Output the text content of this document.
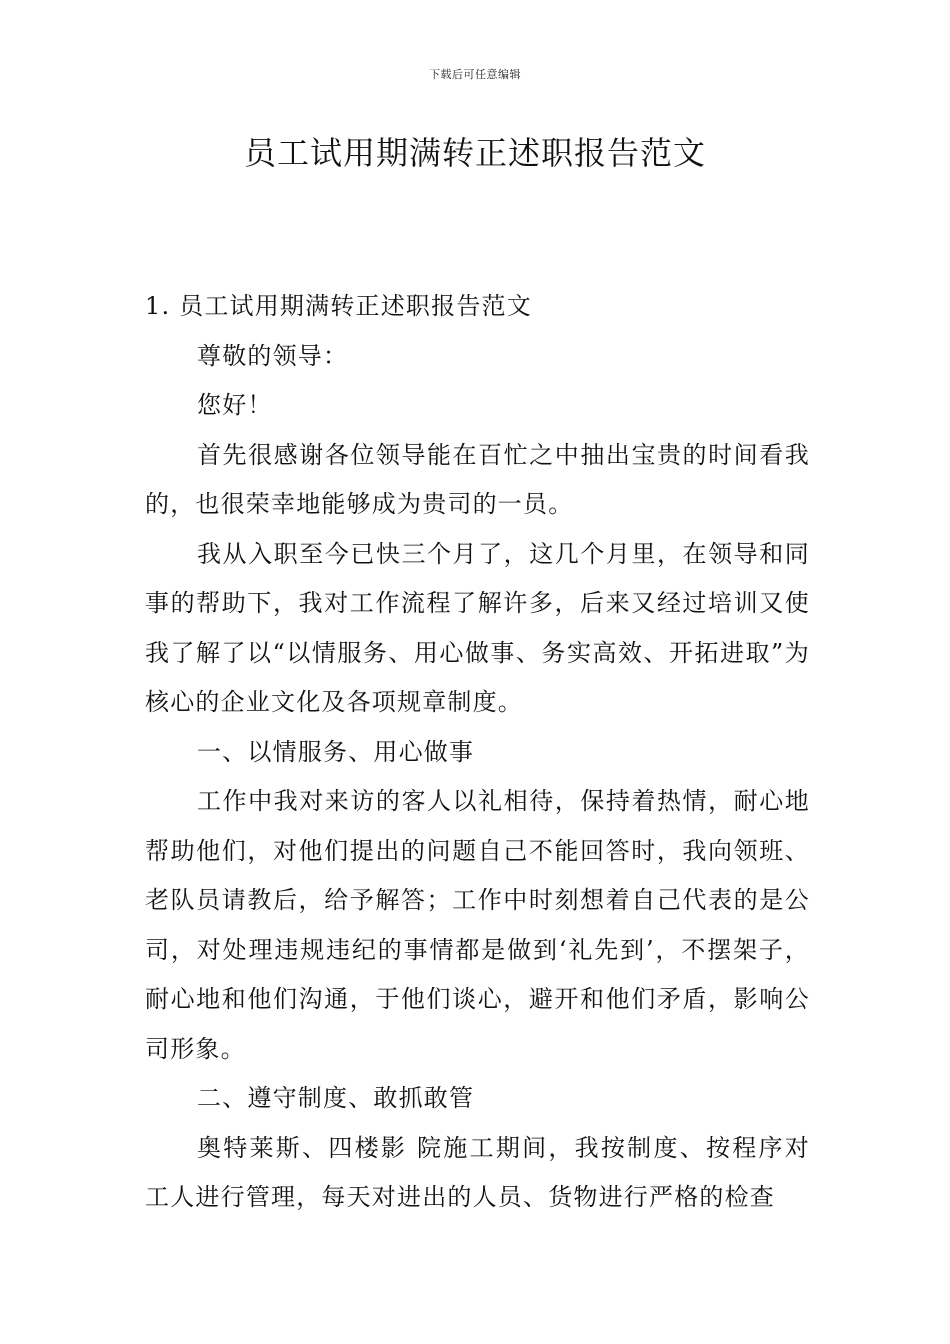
下载后可任意编辑
员工试用期满转正述职报告范文

1. 员工试用期满转正述职报告范文

尊敬的领导：

您好！

首先很感谢各位领导能在百忙之中抽出宝贵的时间看我的，也很荣幸地能够成为贵司的一员。

我从入职至今已快三个月了，这几个月里，在领导和同事的帮助下，我对工作流程了解许多，后来又经过培训又使我了解了以“以情服务、用心做事、务实高效、开拓进取”为核心的企业文化及各项规章制度。

一、以情服务、用心做事

工作中我对来访的客人以礼相待，保持着热情，耐心地帮助他们，对他们提出的问题自己不能回答时，我向领班、老队员请教后，给予解答；工作中时刻想着自己代表的是公司，对处理违规违纪的事情都是做到‘礼先到’，不摆架子，耐心地和他们沟通，于他们谈心，避开和他们矛盾，影响公司形象。

二、遵守制度、敢抓敢管

奥特莱斯、四楼影 院施工期间，我按制度、按程序对工人进行管理，每天对进出的人员、货物进行严格的检查
